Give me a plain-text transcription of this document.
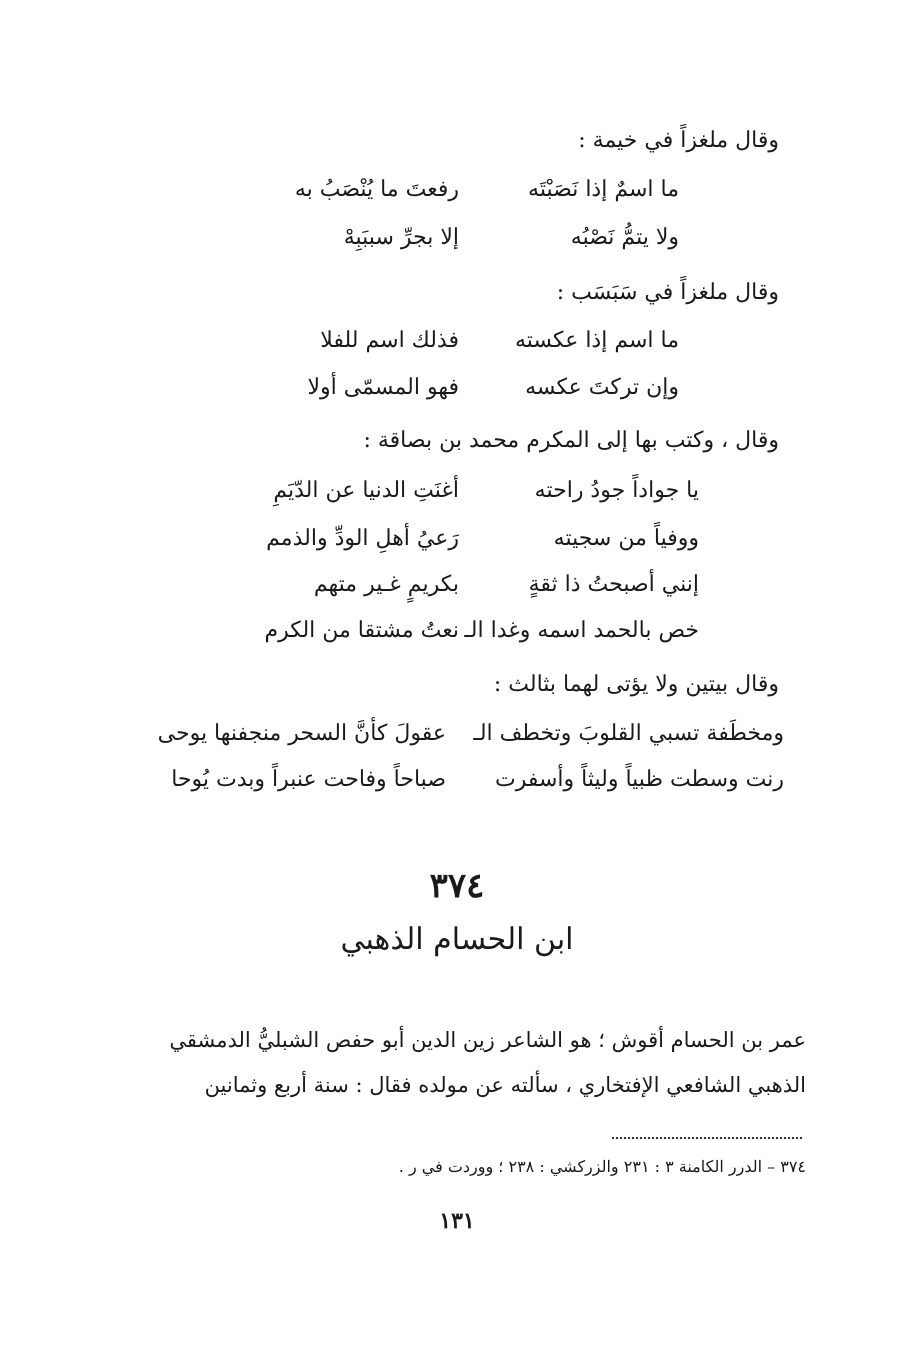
وقال ملغزاً في خيمة :
ما اسمٌ إذا نَصَبْتَه
رفعتَ ما يُنْصَبُ به
ولا يتمُّ نَصْبُه
إلا بجرِّ سببَبِهْ
وقال ملغزاً في سَبَسَب :
ما اسم إذا عكسته
فذلك اسم للفلا
وإن تركتَ عكسه
فهو المسمّى أولا
وقال ، وكتب بها إلى المكرم محمد بن بصاقة :
يا جواداً جودُ راحته
أغنَتِ الدنيا عن الدّيَمِ
ووفياً من سجيته
رَعيُ أهلِ الودِّ والذمم
إنني أصبحتُ ذا ثقةٍ
بكريمٍ غـير متهم
خص بالحمد اسمه وغدا الـ
نعتُ مشتقا من الكرم
وقال بيتين ولا يؤتى لهما بثالث :
ومخطَفة تسبي القلوبَ وتخطف الـ
عقولَ كأنَّ السحر منجفنها يوحى
رنت وسطت ظبياً وليثاً وأسفرت
صباحاً وفاحت عنبراً وبدت يُوحا
٣٧٤
ابن الحسام الذهبي
عمر بن الحسام أقوش ؛ هو الشاعر زين الدين أبو حفص الشبليُّ الدمشقي
الذهبي الشافعي الإفتخاري ، سألته عن مولده فقال : سنة أربع وثمانين
٣٧٤ – الدرر الكامنة ٣ : ٢٣١ والزركشي : ٢٣٨ ؛ ووردت في ر .
١٣١
